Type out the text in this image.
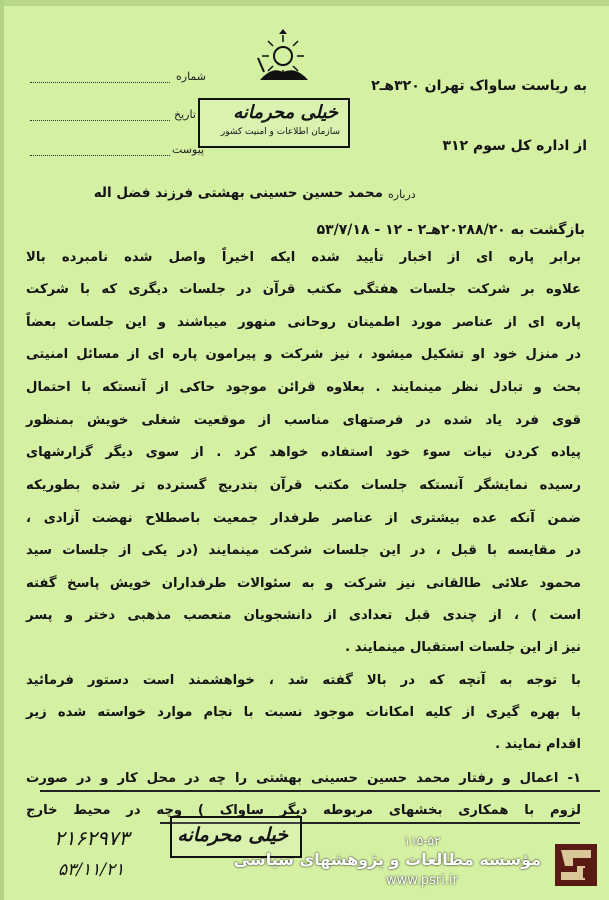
شماره
تاریخ
پیوست
به ریاست ساواک تهران ۳۲۰هـ۲
از اداره کل سوم ۳۱۲
خیلی محرمانه
سازمان اطلاعات و امنیت کشور
درباره
محمد حسین حسینی بهشتی فرزند فضل اله
بازگشت به ۲۰۲۸۸/۲۰هـ۲ - ۱۲ - ۵۳/۷/۱۸
برابر پاره ای از اخبار تأیید شده ایکه اخیراً واصل شده نامبرده بالا
علاوه بر شرکت جلسات هفتگی مکتب قرآن در جلسات دیگری که با شرکت
پاره ای از عناصر مورد اطمینان روحانی منهور میباشند و این جلسات بعضاً
در منزل خود او تشکیل میشود ، نیز شرکت و پیرامون پاره ای از مسائل امنیتی
بحث و تبادل نظر مینمایند . بعلاوه قرائن موجود حاکی از آنستکه با احتمال
قوی فرد یاد شده در فرصتهای مناسب از موقعیت شغلی خویش بمنظور
پیاده کردن نیات سوء خود استفاده خواهد کرد . از سوی دیگر گزارشهای
رسیده نمایشگر آنستکه جلسات مکتب قرآن بتدریج گسترده تر شده بطوریکه
ضمن آنکه عده بیشتری از عناصر طرفدار جمعیت باصطلاح نهضت آزادی ،
در مقایسه با قبل ، در این جلسات شرکت مینمایند (در یکی از جلسات سید
محمود علائی طالقانی نیز شرکت و به سئوالات طرفداران خویش پاسخ گفته
است ) ، از چندی قبل تعدادی از دانشجویان متعصب مذهبی دختر و پسر
نیز از این جلسات استقبال مینمایند .
با توجه به آنچه که در بالا گفته شد ، خواهشمند است دستور فرمائید
با بهره گیری از کلیه امکانات موجود نسبت با نجام موارد خواسته شده زیر
اقدام نمایند .
۱- اعمال و رفتار محمد حسین حسینی بهشتی را چه در محل کار و در صورت
لزوم با همکاری بخشهای مربوطه دیگر ساواک ) وچه در محیط خارج
خیلی محرمانه
۲۱۶۲۹۷۳
۵۳/۱۱/۲۱
۱۱۵-۵۲
مؤسسه مطالعات و پژوهشهای سیاسی
www.psri.ir
